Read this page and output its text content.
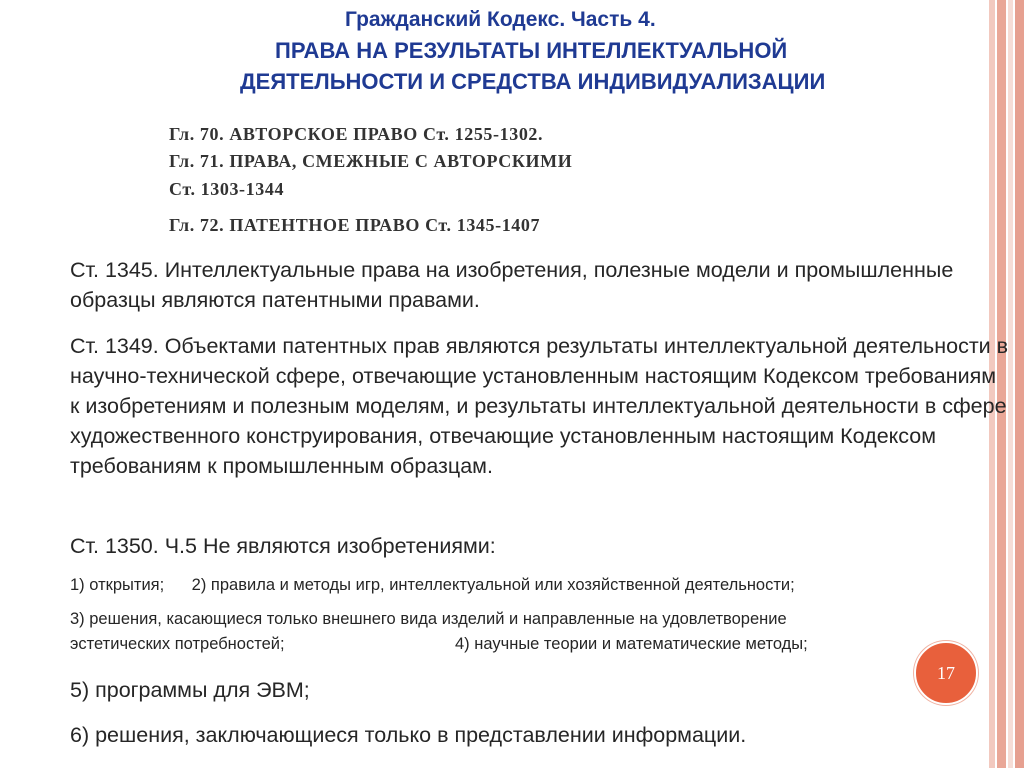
Гражданский Кодекс. Часть 4.
ПРАВА НА РЕЗУЛЬТАТЫ ИНТЕЛЛЕКТУАЛЬНОЙ
ДЕЯТЕЛЬНОСТИ И СРЕДСТВА ИНДИВИДУАЛИЗАЦИИ
Гл. 70. АВТОРСКОЕ ПРАВО Ст. 1255-1302.
Гл. 71. ПРАВА, СМЕЖНЫЕ С АВТОРСКИМИ
Ст. 1303-1344
Гл. 72. ПАТЕНТНОЕ ПРАВО Ст. 1345-1407
Ст. 1345. Интеллектуальные права на изобретения, полезные модели и промышленные образцы являются патентными правами.
Ст. 1349. Объектами патентных прав являются результаты интеллектуальной деятельности в научно-технической сфере, отвечающие установленным настоящим Кодексом требованиям к изобретениям и полезным моделям, и результаты интеллектуальной деятельности в сфере художественного конструирования, отвечающие установленным настоящим Кодексом требованиям к промышленным образцам.
Ст. 1350. Ч.5 Не являются изобретениями:
1) открытия;      2) правила и методы игр, интеллектуальной или хозяйственной деятельности;
3) решения, касающиеся только внешнего вида изделий и направленные на удовлетворение
эстетических потребностей;	4) научные теории и математические методы;
5) программы для ЭВМ;
6) решения, заключающиеся только в представлении информации.
17
